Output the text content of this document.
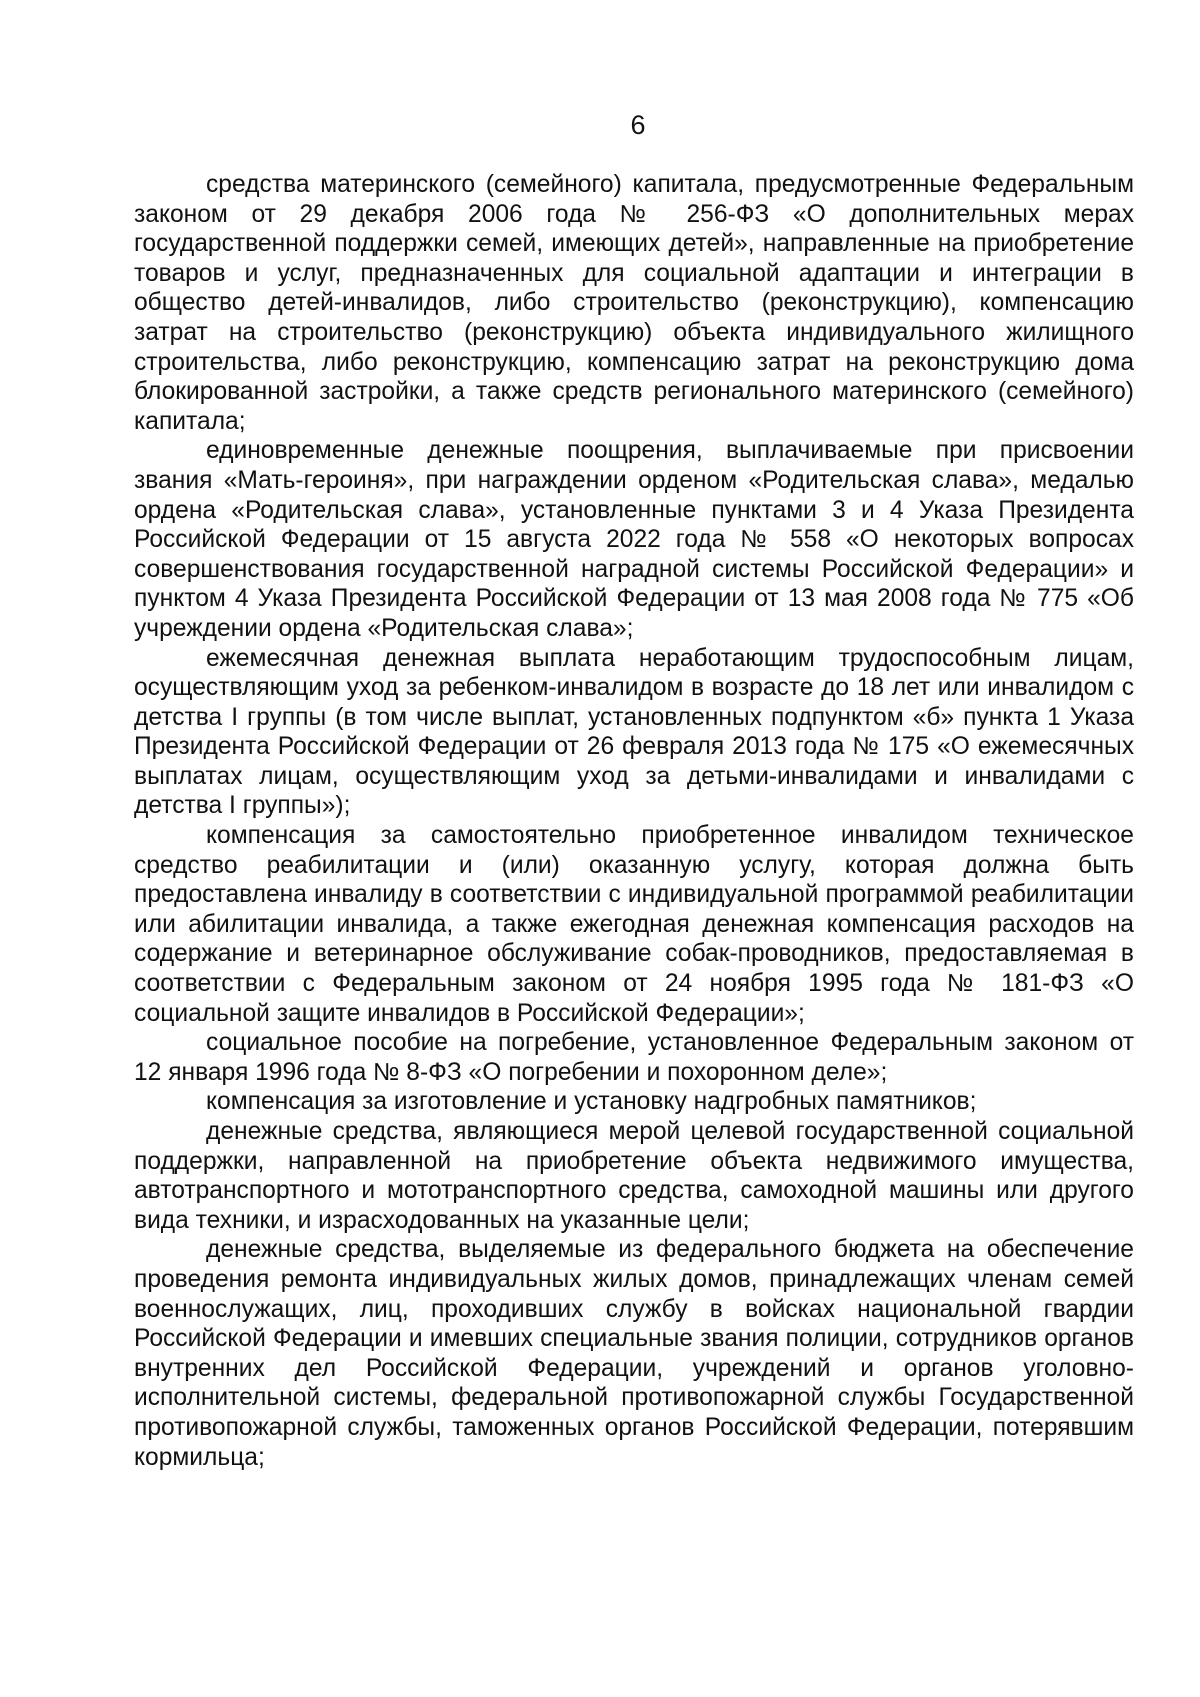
6

средства материнского (семейного) капитала, предусмотренные Федеральным законом от 29 декабря 2006 года № 256-ФЗ «О дополнительных мерах государственной поддержки семей, имеющих детей», направленные на приобретение товаров и услуг, предназначенных для социальной адаптации и интеграции в общество детей-инвалидов, либо строительство (реконструкцию), компенсацию затрат на строительство (реконструкцию) объекта индивидуального жилищного строительства, либо реконструкцию, компенсацию затрат на реконструкцию дома блокированной застройки, а также средств регионального материнского (семейного) капитала;

единовременные денежные поощрения, выплачиваемые при присвоении звания «Мать-героиня», при награждении орденом «Родительская слава», медалью ордена «Родительская слава», установленные пунктами 3 и 4 Указа Президента Российской Федерации от 15 августа 2022 года № 558 «О некоторых вопросах совершенствования государственной наградной системы Российской Федерации» и пунктом 4 Указа Президента Российской Федерации от 13 мая 2008 года № 775 «Об учреждении ордена «Родительская слава»;

ежемесячная денежная выплата неработающим трудоспособным лицам, осуществляющим уход за ребенком-инвалидом в возрасте до 18 лет или инвалидом с детства I группы (в том числе выплат, установленных подпунктом «б» пункта 1 Указа Президента Российской Федерации от 26 февраля 2013 года № 175 «О ежемесячных выплатах лицам, осуществляющим уход за детьми-инвалидами и инвалидами с детства I группы»);

компенсация за самостоятельно приобретенное инвалидом техническое средство реабилитации и (или) оказанную услугу, которая должна быть предоставлена инвалиду в соответствии с индивидуальной программой реабилитации или абилитации инвалида, а также ежегодная денежная компенсация расходов на содержание и ветеринарное обслуживание собак-проводников, предоставляемая в соответствии с Федеральным законом от 24 ноября 1995 года № 181-ФЗ «О социальной защите инвалидов в Российской Федерации»;

социальное пособие на погребение, установленное Федеральным законом от 12 января 1996 года № 8-ФЗ «О погребении и похоронном деле»;

компенсация за изготовление и установку надгробных памятников;

денежные средства, являющиеся мерой целевой государственной социальной поддержки, направленной на приобретение объекта недвижимого имущества, автотранспортного и мототранспортного средства, самоходной машины или другого вида техники, и израсходованных на указанные цели;

денежные средства, выделяемые из федерального бюджета на обеспечение проведения ремонта индивидуальных жилых домов, принадлежащих членам семей военнослужащих, лиц, проходивших службу в войсках национальной гвардии Российской Федерации и имевших специальные звания полиции, сотрудников органов внутренних дел Российской Федерации, учреждений и органов уголовно-исполнительной системы, федеральной противопожарной службы Государственной противопожарной службы, таможенных органов Российской Федерации, потерявшим кормильца;
